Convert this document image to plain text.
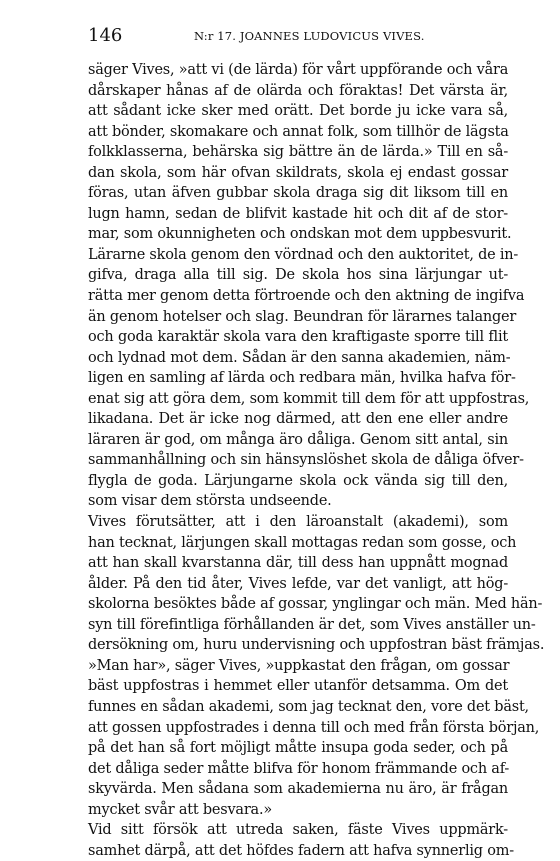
146	N:r 17. JOANNES LUDOVICUS VIVES.
säger Vives, »att vi (de lärda) för vårt uppförande och våra
dårskaper hånas af de olärda och föraktas! Det värsta är,
att sådant icke sker med orätt. Det borde ju icke vara så,
att bönder, skomakare och annat folk, som tillhör de lägsta
folkklasserna, behärska sig bättre än de lärda.» Till en så-
dan skola, som här ofvan skildrats, skola ej endast gossar
föras, utan äfven gubbar skola draga sig dit liksom till en
lugn hamn, sedan de blifvit kastade hit och dit af de stor-
mar, som okunnigheten och ondskan mot dem uppbesvurit.
Lärarne skola genom den vördnad och den auktoritet, de in-
gifva, draga alla till sig. De skola hos sina lärjungar ut-
rätta mer genom detta förtroende och den aktning de ingifva
än genom hotelser och slag. Beundran för lärarnes talanger
och goda karaktär skola vara den kraftigaste sporre till flit
och lydnad mot dem. Sådan är den sanna akademien, näm-
ligen en samling af lärda och redbara män, hvilka hafva för-
enat sig att göra dem, som kommit till dem för att uppfostras,
likadana. Det är icke nog därmed, att den ene eller andre
läraren är god, om många äro dåliga. Genom sitt antal, sin
sammanhållning och sin hänsynslöshet skola de dåliga öfver-
flygla de goda. Lärjungarne skola ock vända sig till den,
som visar dem största undseende.
Vives förutsätter, att i den läroanstalt (akademi), som
han tecknat, lärjungen skall mottagas redan som gosse, och
att han skall kvarstanna där, till dess han uppnått mognad
ålder. På den tid åter, Vives lefde, var det vanligt, att hög-
skolorna besöktes både af gossar, ynglingar och män. Med hän-
syn till förefintliga förhållanden är det, som Vives anställer un-
dersökning om, huru undervisning och uppfostran bäst främjas.
»Man har», säger Vives, »uppkastat den frågan, om gossar
bäst uppfostras i hemmet eller utanför detsamma. Om det
funnes en sådan akademi, som jag tecknat den, vore det bäst,
att gossen uppfostrades i denna till och med från första början,
på det han så fort möjligt måtte insupa goda seder, och på
det dåliga seder måtte blifva för honom främmande och af-
skyvärda. Men sådana som akademierna nu äro, är frågan
mycket svår att besvara.»
Vid sitt försök att utreda saken, fäste Vives uppmärk-
samhet därpå, att det höfdes fadern att hafva synnerlig om-
